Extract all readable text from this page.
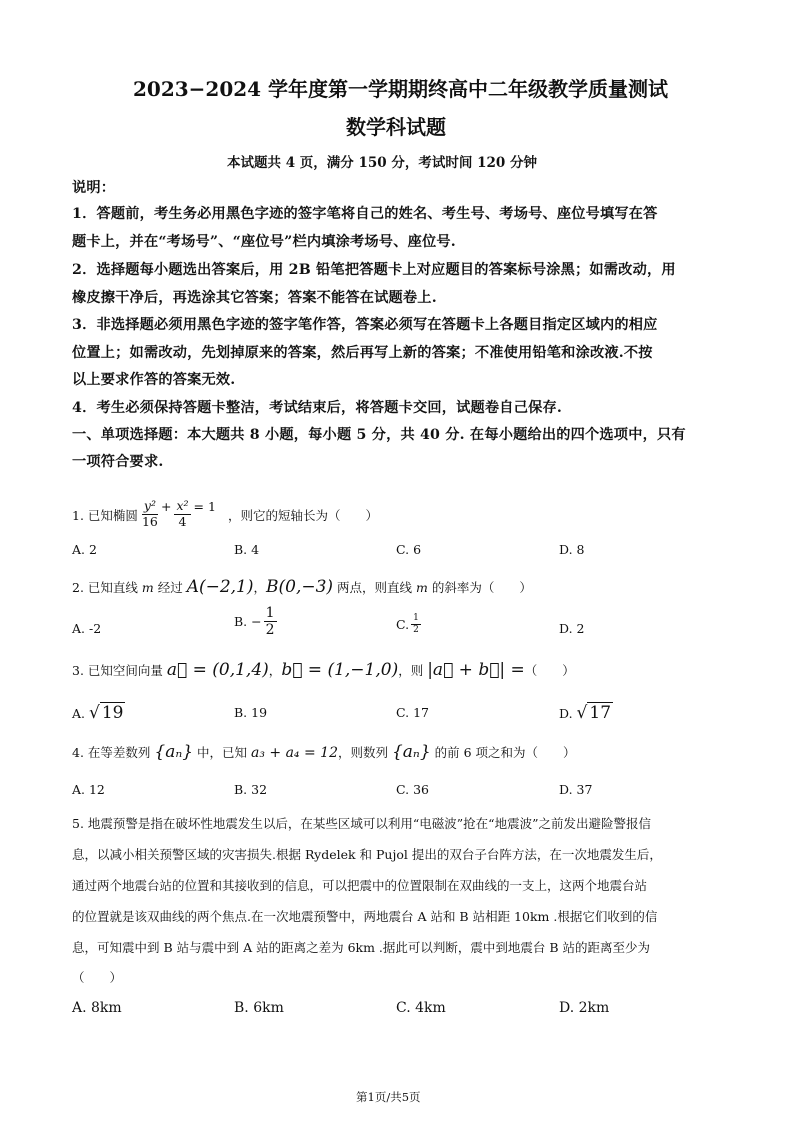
2023−2024 学年度第一学期期终高中二年级教学质量测试
数学科试题
本试题共 4 页，满分 150 分，考试时间 120 分钟
说明：
1．答题前，考生务必用黑色字迹的签字笔将自己的姓名、考生号、考场号、座位号填写在答
题卡上，并在“考场号”、“座位号”栏内填涂考场号、座位号.
2．选择题每小题选出答案后，用 2B 铅笔把答题卡上对应题目的答案标号涂黑；如需改动，用
橡皮擦干净后，再选涂其它答案；答案不能答在试题卷上.
3．非选择题必须用黑色字迹的签字笔作答，答案必须写在答题卡上各题目指定区域内的相应
位置上；如需改动，先划掉原来的答案，然后再写上新的答案；不准使用铅笔和涂改液.不按
以上要求作答的答案无效.
4．考生必须保持答题卡整洁，考试结束后，将答题卡交回，试题卷自己保存.
一、单项选择题：本大题共 8 小题，每小题 5 分，共 40 分. 在每小题给出的四个选项中，只有
一项符合要求.
1. 已知椭圆 $\frac{\text{y²}}{16} + \frac{\text{x²}}{4} = 1$
，则它的短轴长为（　　）
A. 2	B. 4	C. 6	D. 8
2. 已知直线 m 经过 A(−2,1)，B(0,−3) 两点，则直线 m 的斜率为（　　）
A. -2	B. − $\frac{1}{2}$	C. $\frac{1}{2}$	D. 2
3. 已知空间向量 a⃗ = (0,1,4)，b⃗ = (1,−1,0)，则 |a⃗ + b⃗| =（　　）
A. √ 19	B. 19	C. 17	D. √ 17
4. 在等差数列 {aₙ} 中，已知 a₃ + a₄ = 12，则数列 {aₙ} 的前 6 项之和为（　　）
A. 12	B. 32	C. 36	D. 37
5. 地震预警是指在破坏性地震发生以后，在某些区域可以利用“电磁波”抢在“地震波”之前发出避险警报信
息，以减小相关预警区域的灾害损失.根据 Rydelek 和 Pujol 提出的双台子台阵方法，在一次地震发生后，
通过两个地震台站的位置和其接收到的信息，可以把震中的位置限制在双曲线的一支上，这两个地震台站
的位置就是该双曲线的两个焦点.在一次地震预警中，两地震台 A 站和 B 站相距 10km .根据它们收到的信
息，可知震中到 B 站与震中到 A 站的距离之差为 6km .据此可以判断，震中到地震台 B 站的距离至少为
（　　）
A. 8km	B. 6km	C. 4km	D. 2km
第1页/共5页
